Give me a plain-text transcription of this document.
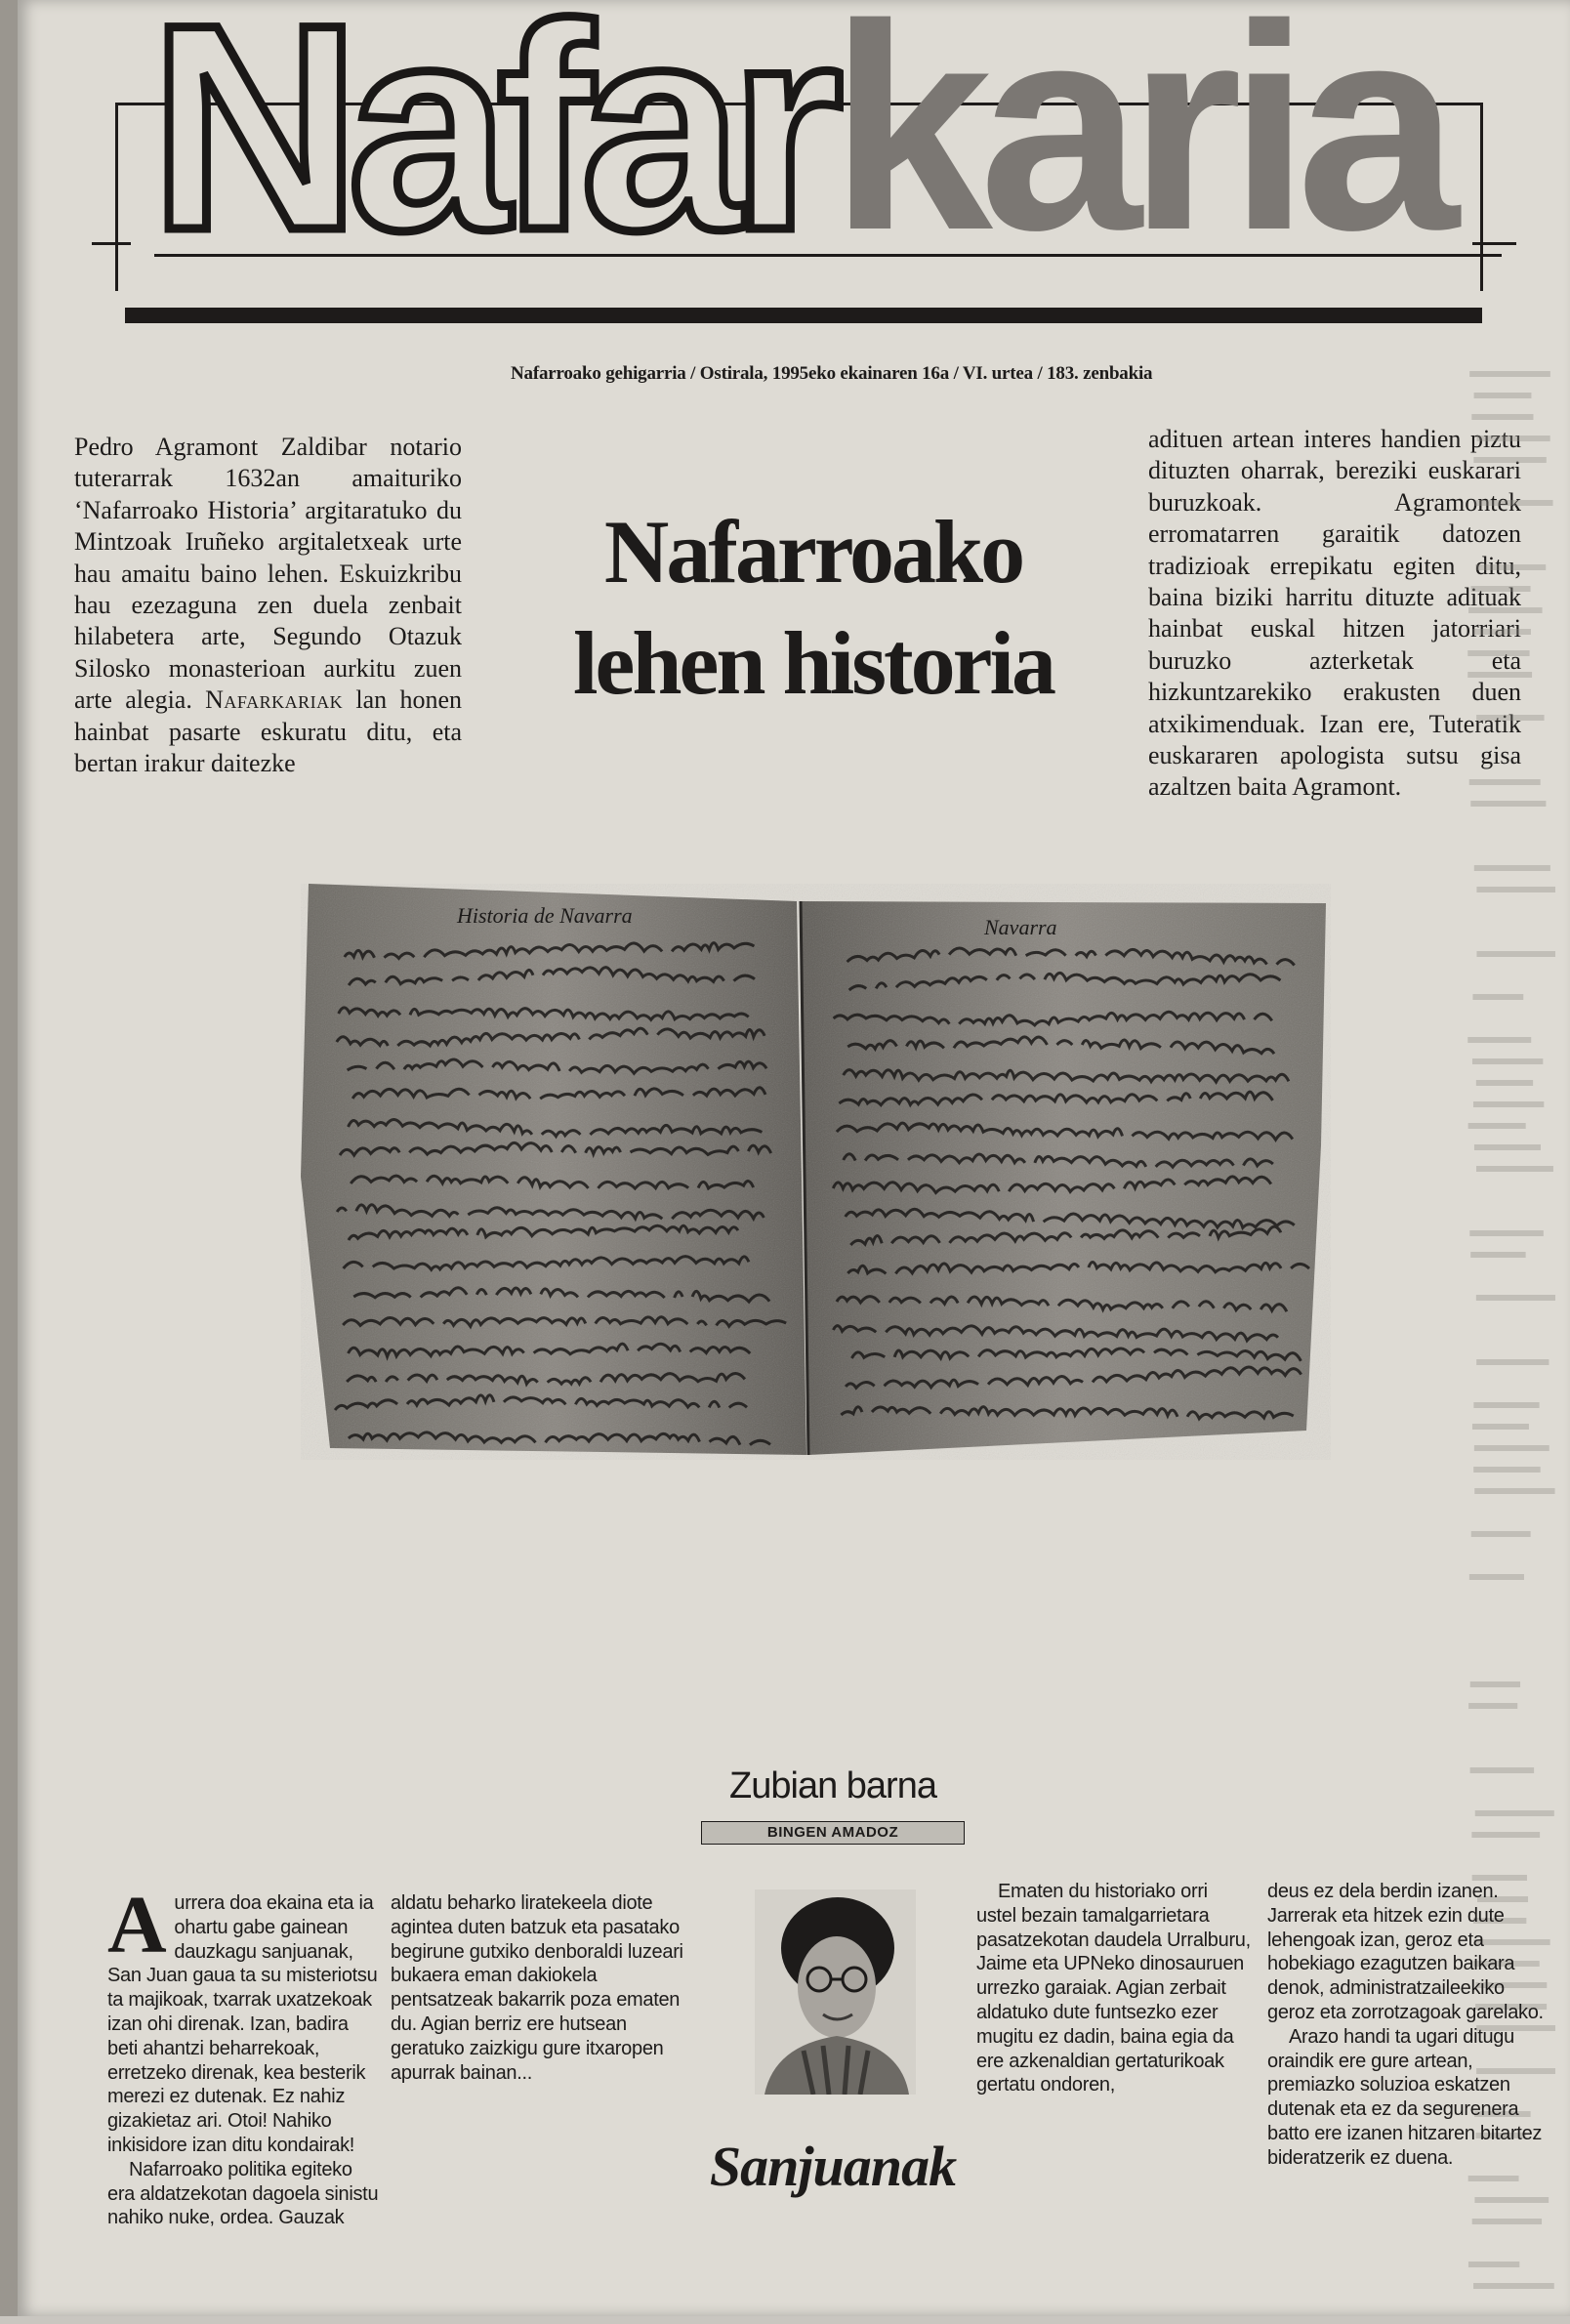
Nafarkaria
Nafarroako gehigarria / Ostirala, 1995eko ekainaren 16a / VI. urtea / 183. zenbakia
Pedro Agramont Zaldibar notario tuterarrak 1632an amaituriko ‘Nafarroako Historia’ argitaratuko du Mintzoak Iruñeko argitaletxeak urte hau amaitu baino lehen. Eskuizkribu hau ezezaguna zen duela zenbait hilabetera arte, Segundo Otazuk Silosko monasterioan aurkitu zuen arte alegia. Nafarkariak lan honen hainbat pasarte eskuratu ditu, eta bertan irakur daitezke
Nafarroako
lehen historia
adituen artean interes handien piztu dituzten oharrak, bereziki euskarari buruzkoak. Agramontek erromatarren garaitik datozen tradizioak errepikatu egiten ditu, baina biziki harritu dituzte adituak hainbat euskal hitzen jatorriari buruzko azterketak eta hizkuntzarekiko erakusten duen atxikimenduak. Izan ere, Tuteratik euskararen apologista sutsu gisa azaltzen baita Agramont.
Historia de Navarra	Navarra
Zubian barna
BINGEN AMADOZ
Aurrera doa ekaina eta ia ohartu gabe gainean dauzkagu sanjuanak, San Juan gaua ta su misteriotsu ta majikoak, txarrak uxatzekoak izan ohi direnak. Izan, badira beti ahantzi beharrekoak, erretzeko direnak, kea besterik merezi ez dutenak. Ez nahiz gizakietaz ari. Otoi! Nahiko inkisidore izan ditu kondairak!
Nafarroako politika egiteko era aldatzekotan dagoela sinistu nahiko nuke, ordea. Gauzak
aldatu beharko liratekeela diote agintea duten batzuk eta pasatako begirune gutxiko denboraldi luzeari bukaera eman dakiokela pentsatzeak bakarrik poza ematen du. Agian berriz ere hutsean geratuko zaizkigu gure itxaropen apurrak bainan...
Sanjuanak
Ematen du historiako orri ustel bezain tamalgarrietara pasatzekotan daudela Urralburu, Jaime eta UPNeko dinosauruen urrezko garaiak. Agian zerbait aldatuko dute funtsezko ezer mugitu ez dadin, baina egia da ere azkenaldian gertaturikoak gertatu ondoren,
deus ez dela berdin izanen. Jarrerak eta hitzek ezin dute lehengoak izan, geroz eta hobekiago ezagutzen baikara denok, administratzaileekiko geroz eta zorrotzagoak garelako.
Arazo handi ta ugari ditugu oraindik ere gure artean, premiazko soluzioa eskatzen dutenak eta ez da segurenera batto ere izanen hitzaren bitartez bideratzerik ez duena.
